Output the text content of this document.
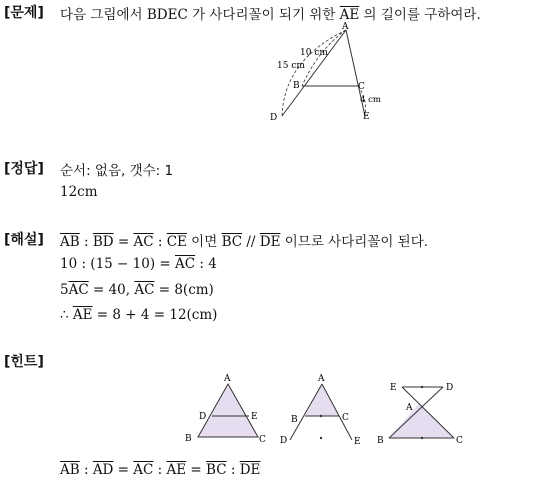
[문제] 다음 그림에서 BDEC 가 사다리꼴이 되기 위한 $\overline{AE}$ 의 길이를 구하여라.
A
B	C
D	E
10 cm
15 cm
4 cm
[정답] 순서: 없음, 갯수: 1
12cm
[해설] $\overline{AB}$ : $\overline{BD} = \overline{AC}$ : $\overline{CE}$ 이면 $\overline{BC} // \overline{DE}$ 이므로 사다리꼴이 된다.
10 : $(15 - 10) = \overline{AC}$ : 4
$5\overline{AC} = 40$, $\overline{AC} = 8(cm)$
∴ $\overline{AE} = 8 + 4 = 12(cm)$
[힌트]
A
D	E
B	C
A
B	C
D	E
E	D
A
B	C
$\overline{AB}$ : $\overline{AD} = \overline{AC}$ : $\overline{AE} = \overline{BC}$ : $\overline{DE}$
